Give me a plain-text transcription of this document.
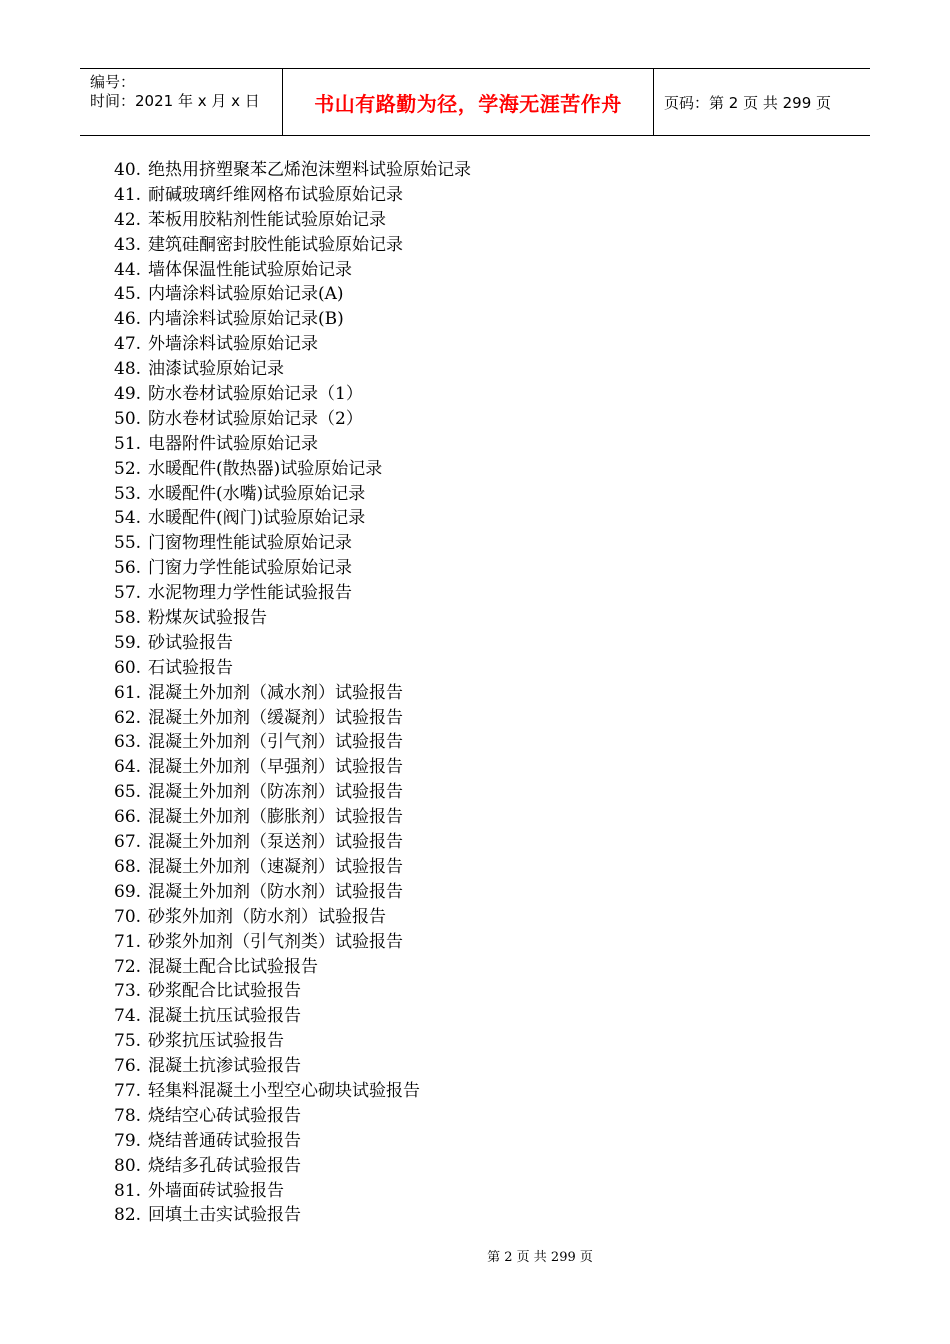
编号：
时间：2021 年 x 月 x 日	书山有路勤为径，学海无涯苦作舟	页码：第 2 页 共 299 页
40. 绝热用挤塑聚苯乙烯泡沫塑料试验原始记录
41. 耐碱玻璃纤维网格布试验原始记录
42. 苯板用胶粘剂性能试验原始记录
43. 建筑硅酮密封胶性能试验原始记录
44. 墙体保温性能试验原始记录
45. 内墙涂料试验原始记录(A)
46. 内墙涂料试验原始记录(B)
47. 外墙涂料试验原始记录
48. 油漆试验原始记录
49. 防水卷材试验原始记录（1）
50. 防水卷材试验原始记录（2）
51. 电器附件试验原始记录
52. 水暖配件(散热器)试验原始记录
53. 水暖配件(水嘴)试验原始记录
54. 水暖配件(阀门)试验原始记录
55. 门窗物理性能试验原始记录
56. 门窗力学性能试验原始记录
57. 水泥物理力学性能试验报告
58. 粉煤灰试验报告
59. 砂试验报告
60. 石试验报告
61. 混凝土外加剂（减水剂）试验报告
62. 混凝土外加剂（缓凝剂）试验报告
63. 混凝土外加剂（引气剂）试验报告
64. 混凝土外加剂（早强剂）试验报告
65. 混凝土外加剂（防冻剂）试验报告
66. 混凝土外加剂（膨胀剂）试验报告
67. 混凝土外加剂（泵送剂）试验报告
68. 混凝土外加剂（速凝剂）试验报告
69. 混凝土外加剂（防水剂）试验报告
70. 砂浆外加剂（防水剂）试验报告
71. 砂浆外加剂（引气剂类）试验报告
72. 混凝土配合比试验报告
73. 砂浆配合比试验报告
74. 混凝土抗压试验报告
75. 砂浆抗压试验报告
76. 混凝土抗渗试验报告
77. 轻集料混凝土小型空心砌块试验报告
78. 烧结空心砖试验报告
79. 烧结普通砖试验报告
80. 烧结多孔砖试验报告
81. 外墙面砖试验报告
82. 回填土击实试验报告
第 2 页 共 299 页
